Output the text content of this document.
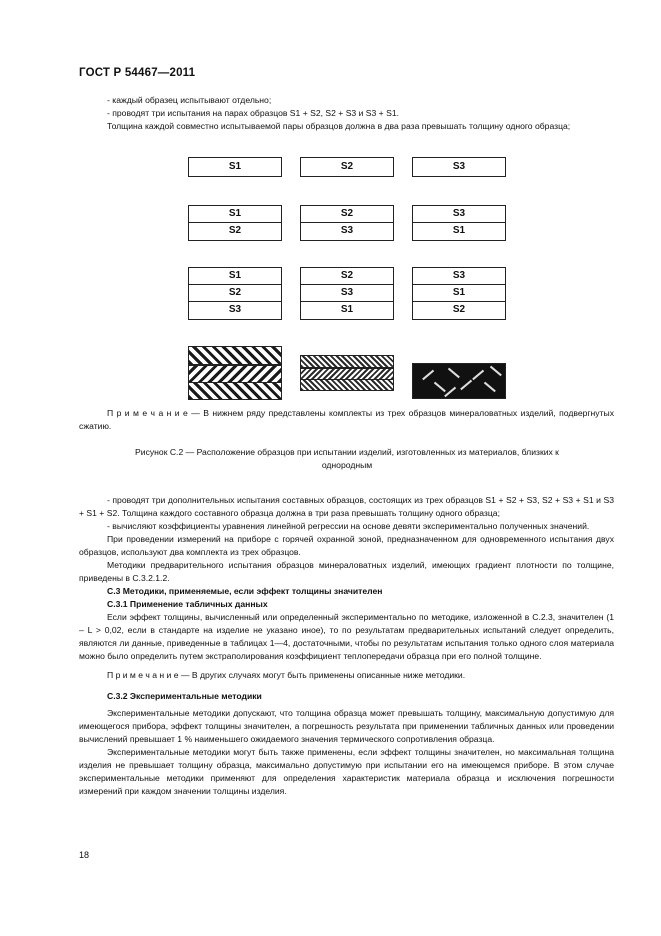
ГОСТ Р 54467—2011

- каждый образец испытывают отдельно;

- проводят три испытания на парах образцов S1 + S2, S2 + S3 и S3 + S1.

Толщина каждой совместно испытываемой пары образцов должна в два раза превышать толщину одного образца;

S1	S2	S3
S1
S2
S2
S3
S3
S1
S1
S2
S3
S2
S3
S1
S3
S1
S2

П р и м е ч а н и е — В нижнем ряду представлены комплекты из трех образцов минераловатных изделий, подвергнутых сжатию.

Рисунок С.2 — Расположение образцов при испытании изделий, изготовленных из материалов, близких к однородным

- проводят три дополнительных испытания составных образцов, состоящих из трех образцов S1 + S2 + S3, S2 + S3 + S1 и S3 + S1 + S2. Толщина каждого составного образца должна в три раза превышать толщину одного образца;

- вычисляют коэффициенты уравнения линейной регрессии на основе девяти экспериментально полученных значений.

При проведении измерений на приборе с горячей охранной зоной, предназначенном для одновременного испытания двух образцов, используют два комплекта из трех образцов.

Методики предварительного испытания образцов минераловатных изделий, имеющих градиент плотности по толщине, приведены в С.3.2.1.2.

С.3 Методики, применяемые, если эффект толщины значителен

С.3.1 Применение табличных данных

Если эффект толщины, вычисленный или определенный экспериментально по методике, изложенной в С.2.3, значителен (1 – L > 0,02, если в стандарте на изделие не указано иное), то по результатам предварительных испытаний следует определить, являются ли данные, приведенные в таблицах 1—4, достаточными, чтобы по результатам испытания только одного слоя материала можно было определить путем экстраполирования коэффициент теплопередачи образца при его полной толщине.

П р и м е ч а н и е — В других случаях могут быть применены описанные ниже методики.

С.3.2 Экспериментальные методики

Экспериментальные методики допускают, что толщина образца может превышать толщину, максимальную допустимую для имеющегося прибора, эффект толщины значителен, а погрешность результата при применении табличных данных или проведении вычислений превышает 1 % наименьшего ожидаемого значения термического сопротивления образца.

Экспериментальные методики могут быть также применены, если эффект толщины значителен, но максимальная толщина изделия не превышает толщину образца, максимально допустимую при испытании его на имеющемся приборе. В этом случае экспериментальные методики применяют для определения характеристик материала образца и исключения погрешности измерений при каждом значении толщины изделия.

18
